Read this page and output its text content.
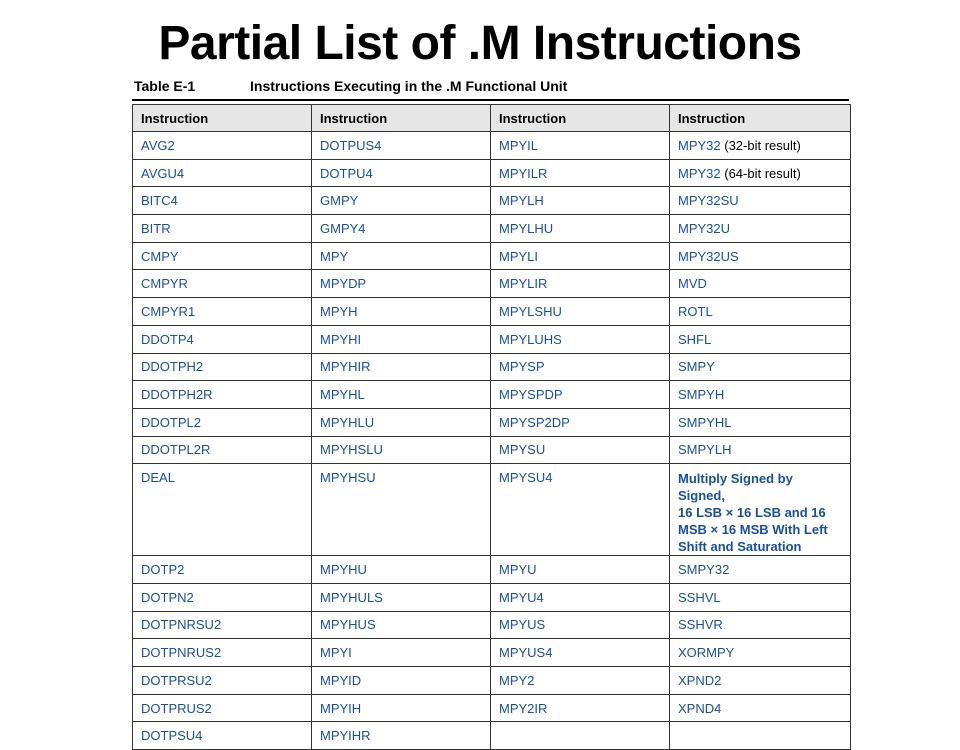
Partial List of .M Instructions
Table E-1	Instructions Executing in the .M Functional Unit
Instruction	Instruction	Instruction	Instruction
AVG2	DOTPUS4	MPYIL	MPY32 (32-bit result)
AVGU4	DOTPU4	MPYILR	MPY32 (64-bit result)
BITC4	GMPY	MPYLH	MPY32SU
BITR	GMPY4	MPYLHU	MPY32U
CMPY	MPY	MPYLI	MPY32US
CMPYR	MPYDP	MPYLIR	MVD
CMPYR1	MPYH	MPYLSHU	ROTL
DDOTP4	MPYHI	MPYLUHS	SHFL
DDOTPH2	MPYHIR	MPYSP	SMPY
DDOTPH2R	MPYHL	MPYSPDP	SMPYH
DDOTPL2	MPYHLU	MPYSP2DP	SMPYHL
DDOTPL2R	MPYHSLU	MPYSU	SMPYLH
DEAL	MPYHSU	MPYSU4	Multiply Signed by Signed,
16 LSB × 16 LSB and 16
MSB × 16 MSB With Left
Shift and Saturation

DOTP2	MPYHU	MPYU	SMPY32
DOTPN2	MPYHULS	MPYU4	SSHVL
DOTPNRSU2	MPYHUS	MPYUS	SSHVR
DOTPNRUS2	MPYI	MPYUS4	XORMPY
DOTPRSU2	MPYID	MPY2	XPND2
DOTPRUS2	MPYIH	MPY2IR	XPND4
DOTPSU4	MPYIHR		
